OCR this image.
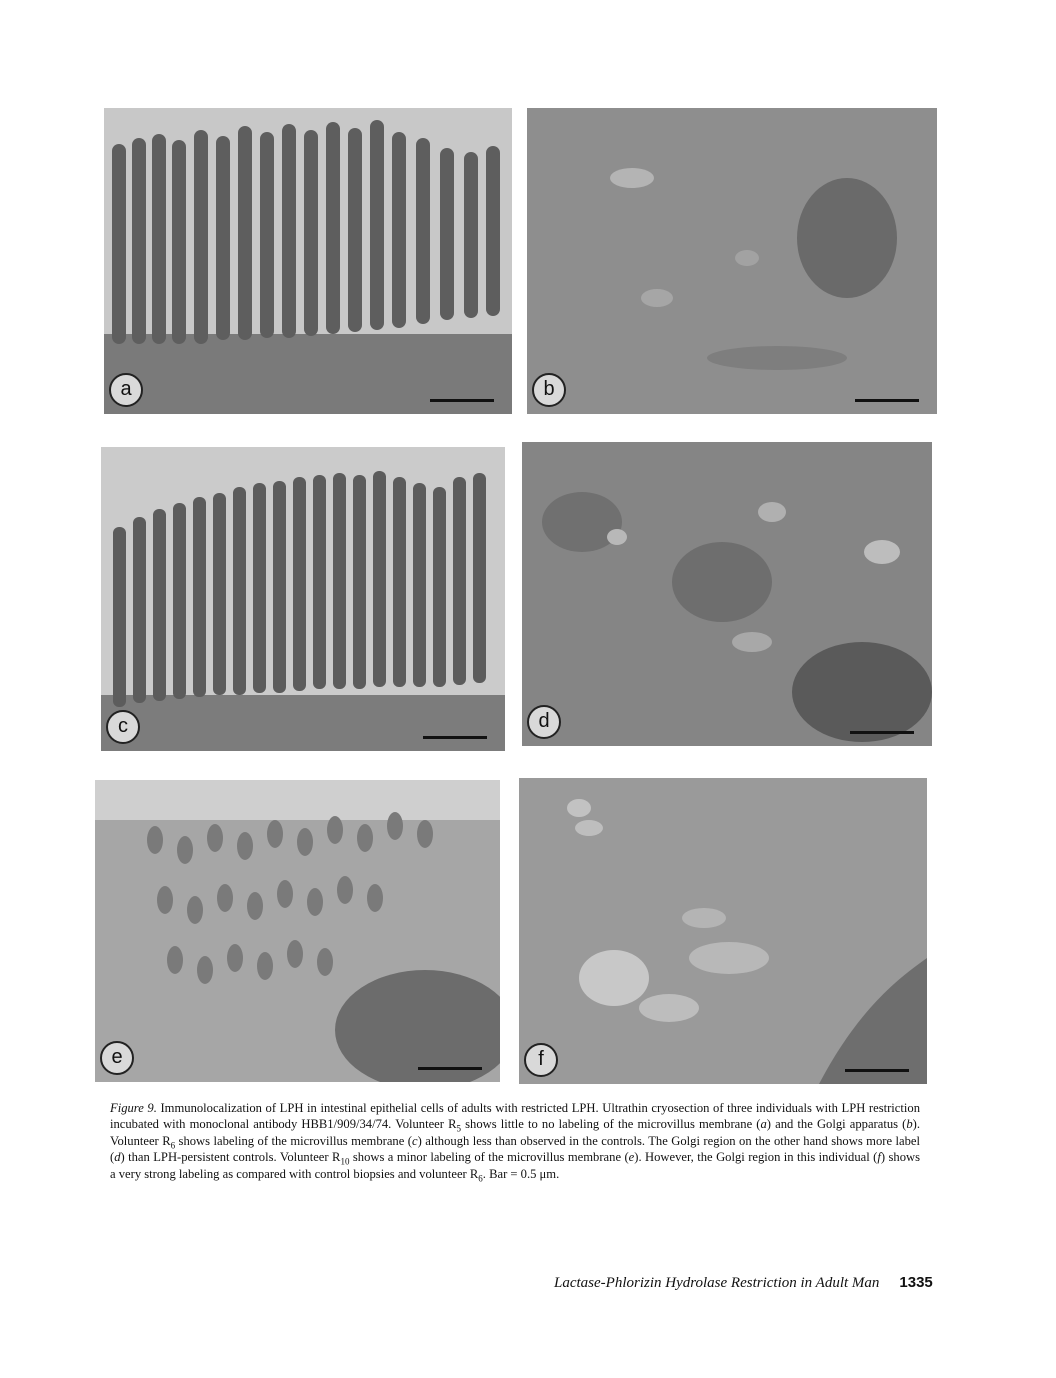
a	b
c	d
e	f
Figure 9. Immunolocalization of LPH in intestinal epithelial cells of adults with restricted LPH. Ultrathin cryosection of three individuals with LPH restriction incubated with monoclonal antibody HBB1/909/34/74. Volunteer $R_5$ shows little to no labeling of the microvillus membrane (a) and the Golgi apparatus (b). Volunteer $R_6$ shows labeling of the microvillus membrane (c) although less than observed in the controls. The Golgi region on the other hand shows more label (d) than LPH-persistent controls. Volunteer $R_{10}$ shows a minor labeling of the microvillus membrane (e). However, the Golgi region in this individual (f) shows a very strong labeling as compared with control biopsies and volunteer $R_6$. Bar = 0.5 μm.
Lactase-Phlorizin Hydrolase Restriction in Adult Man 1335
